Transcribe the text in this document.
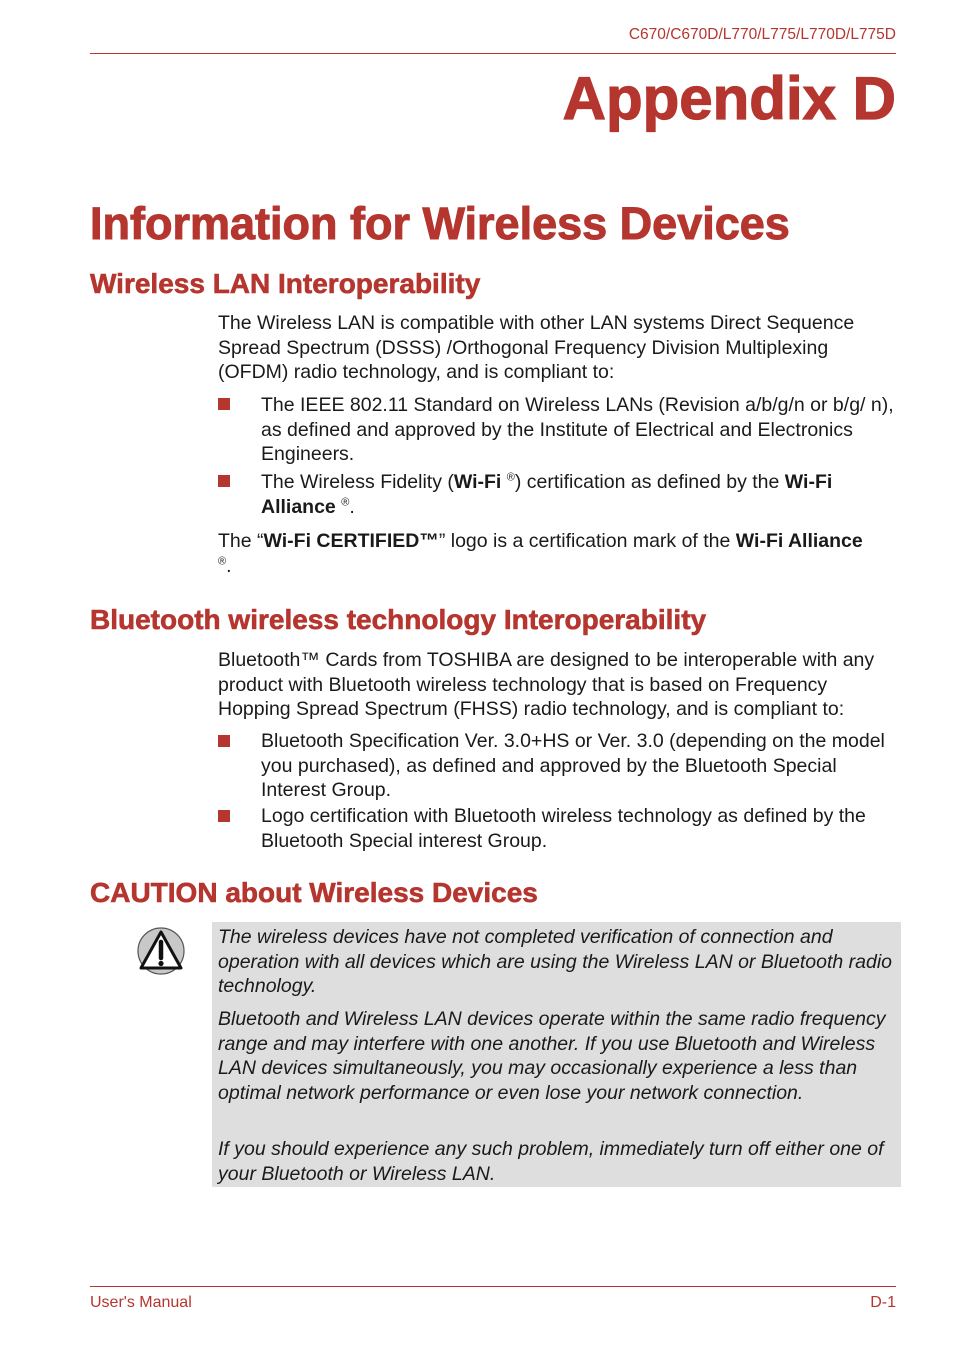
C670/C670D/L770/L775/L770D/L775D
Appendix D
Information for Wireless Devices
Wireless LAN Interoperability
The Wireless LAN is compatible with other LAN systems Direct Sequence Spread Spectrum (DSSS) /Orthogonal Frequency Division Multiplexing (OFDM) radio technology, and is compliant to:
The IEEE 802.11 Standard on Wireless LANs (Revision a/b/g/n or b/g/ n), as defined and approved by the Institute of Electrical and Electronics Engineers.
The Wireless Fidelity (Wi-Fi ®) certification as defined by the Wi-Fi Alliance ®.
The “Wi-Fi CERTIFIED™” logo is a certification mark of the Wi-Fi Alliance
®.
Bluetooth wireless technology Interoperability
Bluetooth™ Cards from TOSHIBA are designed to be interoperable with any product with Bluetooth wireless technology that is based on Frequency Hopping Spread Spectrum (FHSS) radio technology, and is compliant to:
Bluetooth Specification Ver. 3.0+HS or Ver. 3.0 (depending on the model you purchased), as defined and approved by the Bluetooth Special Interest Group.
Logo certification with Bluetooth wireless technology as defined by the Bluetooth Special interest Group.
CAUTION about Wireless Devices
The wireless devices have not completed verification of connection and operation with all devices which are using the Wireless LAN or Bluetooth radio technology.
Bluetooth and Wireless LAN devices operate within the same radio frequency range and may interfere with one another. If you use Bluetooth and Wireless LAN devices simultaneously, you may occasionally experience a less than optimal network performance or even lose your network connection.
If you should experience any such problem, immediately turn off either one of your Bluetooth or Wireless LAN.
User's Manual	D-1
